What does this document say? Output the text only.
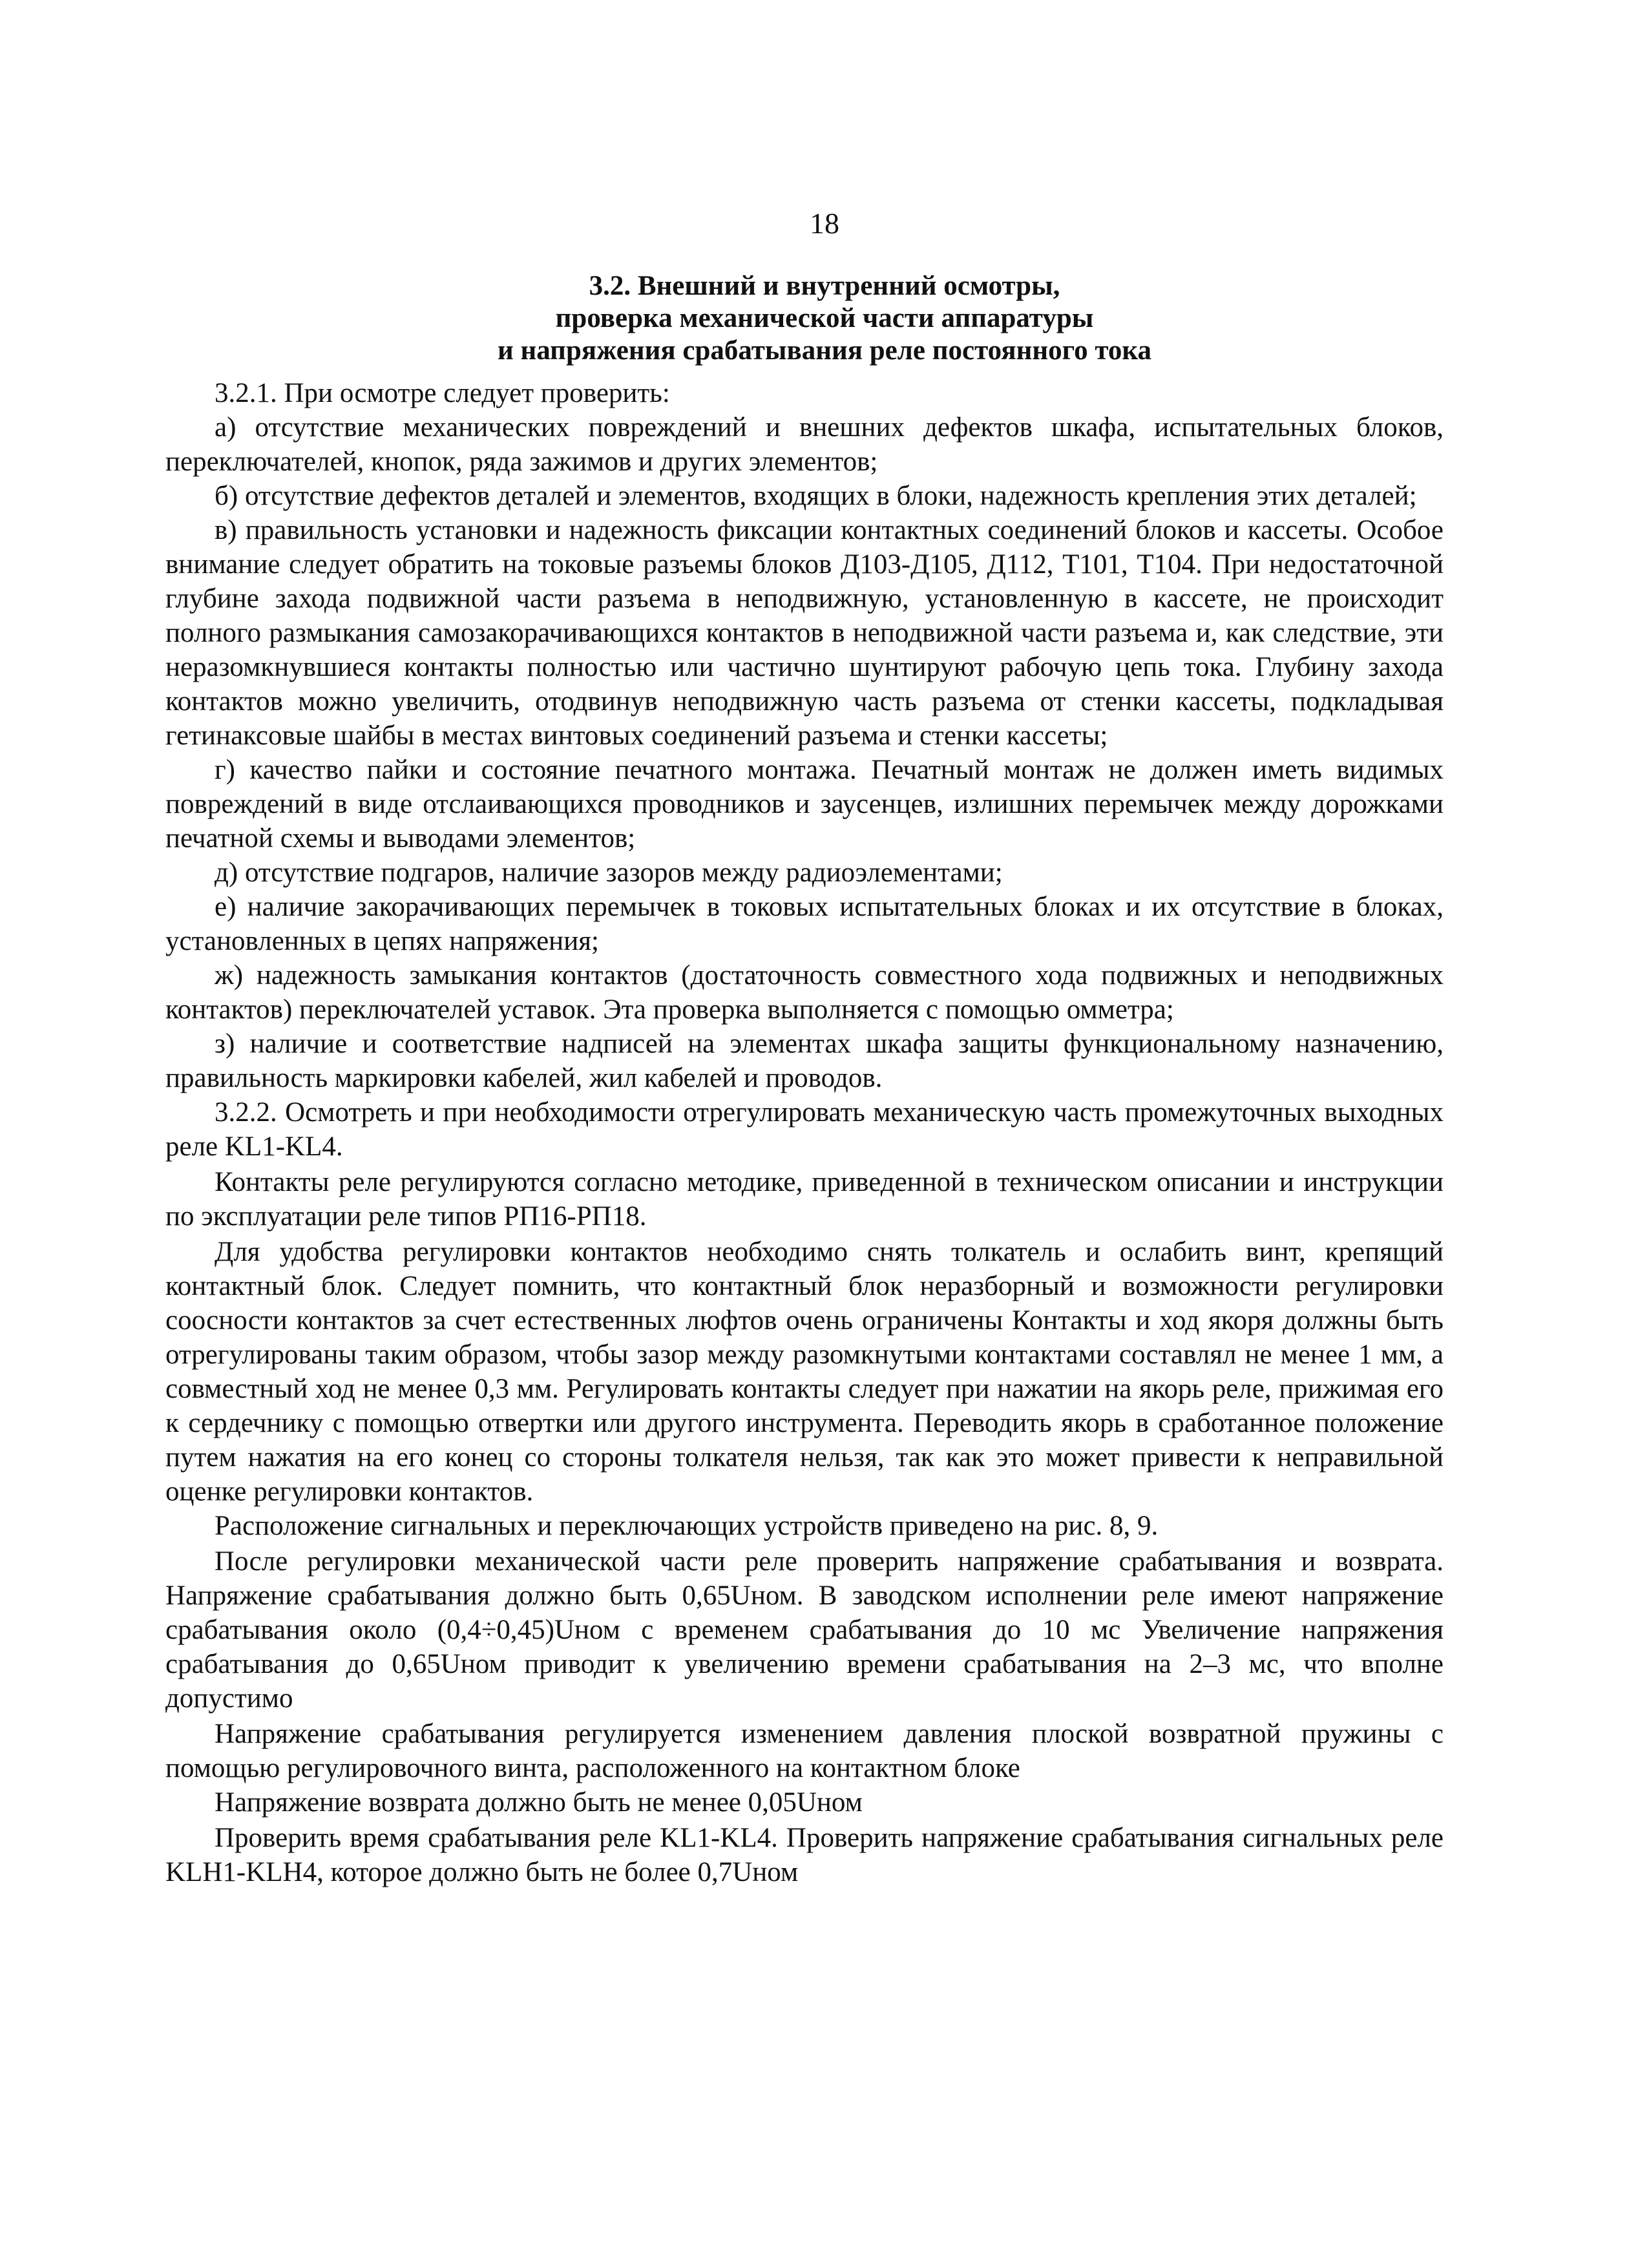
18
3.2. Внешний и внутренний осмотры,
проверка механической части аппаратуры
и напряжения срабатывания реле постоянного тока

3.2.1. При осмотре следует проверить:

а) отсутствие механических повреждений и внешних дефектов шкафа, испытательных блоков, переключателей, кнопок, ряда зажимов и других элементов;

б) отсутствие дефектов деталей и элементов, входящих в блоки, надежность крепления этих деталей;

в) правильность установки и надежность фиксации контактных соединений блоков и кассеты. Особое внимание следует обратить на токовые разъемы блоков Д103-Д105, Д112, Т101, Т104. При недостаточной глубине захода подвижной части разъема в неподвижную, установленную в кассете, не происходит полного размыкания самозакорачивающихся контактов в неподвижной части разъема и, как следствие, эти неразомкнувшиеся контакты полностью или частично шунтируют рабочую цепь тока. Глубину захода контактов можно увеличить, отодвинув неподвижную часть разъема от стенки кассеты, подкладывая гетинаксовые шайбы в местах винтовых соединений разъема и стенки кассеты;

г) качество пайки и состояние печатного монтажа. Печатный монтаж не должен иметь видимых повреждений в виде отслаивающихся проводников и заусенцев, излишних перемычек между дорожками печатной схемы и выводами элементов;

д) отсутствие подгаров, наличие зазоров между радиоэлементами;

е) наличие закорачивающих перемычек в токовых испытательных блоках и их отсутствие в блоках, установленных в цепях напряжения;

ж) надежность замыкания контактов (достаточность совместного хода подвижных и неподвижных контактов) переключателей уставок. Эта проверка выполняется с помощью омметра;

з) наличие и соответствие надписей на элементах шкафа защиты функциональному назначению, правильность маркировки кабелей, жил кабелей и проводов.

3.2.2. Осмотреть и при необходимости отрегулировать механическую часть промежуточных выходных реле KL1-KL4.

Контакты реле регулируются согласно методике, приведенной в техническом описании и инструкции по эксплуатации реле типов РП16-РП18.

Для удобства регулировки контактов необходимо снять толкатель и ослабить винт, крепящий контактный блок. Следует помнить, что контактный блок неразборный и возможности регулировки соосности контактов за счет естественных люфтов очень ограничены Контакты и ход якоря должны быть отрегулированы таким образом, чтобы зазор между разомкнутыми контактами составлял не менее 1 мм, а совместный ход не менее 0,3 мм. Регулировать контакты следует при нажатии на якорь реле, прижимая его к сердечнику с помощью отвертки или другого инструмента. Переводить якорь в сработанное положение путем нажатия на его конец со стороны толкателя нельзя, так как это может привести к неправильной оценке регулировки контактов.

Расположение сигнальных и переключающих устройств приведено на рис. 8, 9.

После регулировки механической части реле проверить напряжение срабатывания и возврата. Напряжение срабатывания должно быть 0,65Uном. В заводском исполнении реле имеют напряжение срабатывания около (0,4÷0,45)Uном с временем срабатывания до 10 мс Увеличение напряжения срабатывания до 0,65Uном приводит к увеличению времени срабатывания на 2–3 мс, что вполне допустимо

Напряжение срабатывания регулируется изменением давления плоской возвратной пружины с помощью регулировочного винта, расположенного на контактном блоке

Напряжение возврата должно быть не менее 0,05Uном

Проверить время срабатывания реле KL1-KL4. Проверить напряжение срабатывания сигнальных реле KLH1-KLH4, которое должно быть не более 0,7Uном
